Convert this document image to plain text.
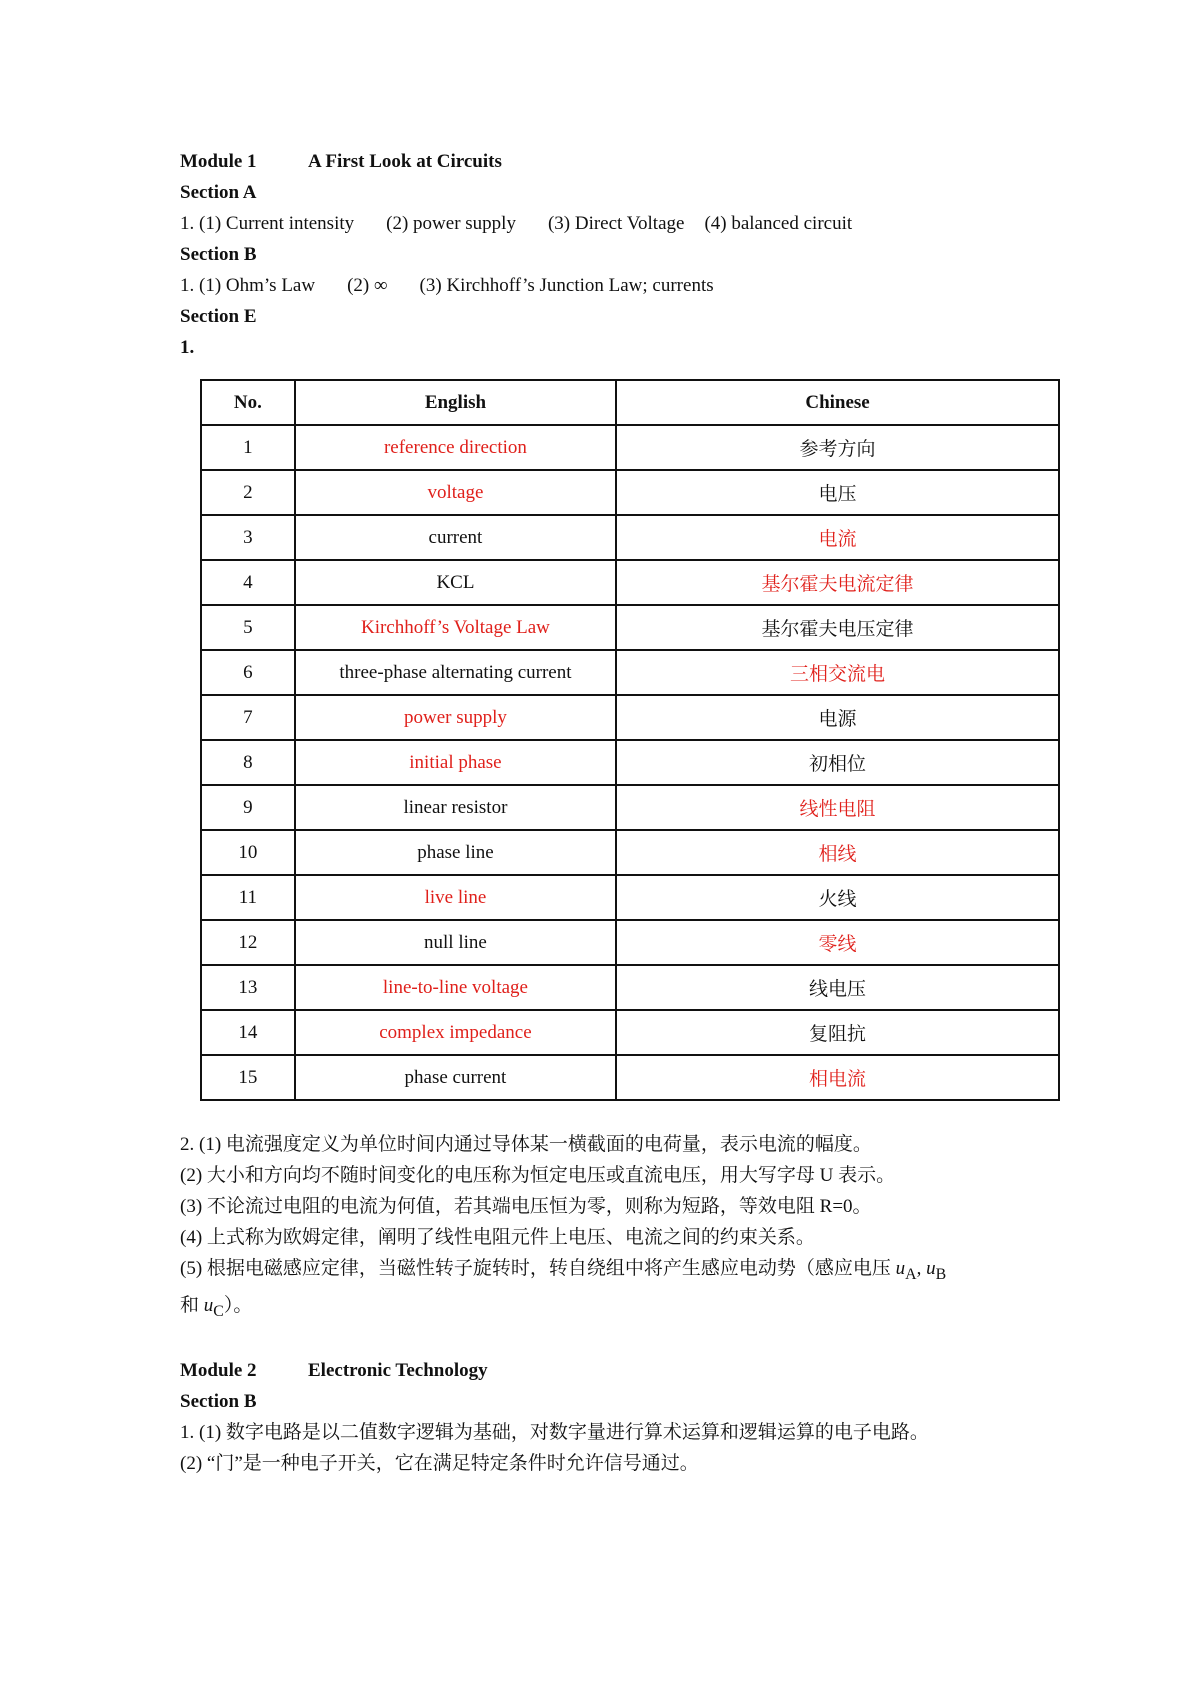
Module 1	A First Look at Circuits
Section A
1. (1) Current intensity (2) power supply (3) Direct Voltage (4) balanced circuit
Section B
1. (1) Ohm’s Law (2) ∞ (3) Kirchhoff’s Junction Law; currents
Section E
1.
No.	English	Chinese
1	reference direction	参考方向
2	voltage	电压
3	current	电流
4	KCL	基尔霍夫电流定律
5	Kirchhoff’s Voltage Law	基尔霍夫电压定律
6	three-phase alternating current	三相交流电
7	power supply	电源
8	initial phase	初相位
9	linear resistor	线性电阻
10	phase line	相线
11	live line	火线
12	null line	零线
13	line-to-line voltage	线电压
14	complex impedance	复阻抗
15	phase current	相电流
2. (1) 电流强度定义为单位时间内通过导体某一横截面的电荷量，表示电流的幅度。
(2) 大小和方向均不随时间变化的电压称为恒定电压或直流电压，用大写字母 U 表示。
(3) 不论流过电阻的电流为何值，若其端电压恒为零，则称为短路，等效电阻 R=0。
(4) 上式称为欧姆定律，阐明了线性电阻元件上电压、电流之间的约束关系。
(5) 根据电磁感应定律，当磁性转子旋转时，转自绕组中将产生感应电动势（感应电压 $u_A$, $u_B$
和 $u_C$）。
Module 2	Electronic Technology
Section B
1. (1) 数字电路是以二值数字逻辑为基础，对数字量进行算术运算和逻辑运算的电子电路。
(2) “门”是一种电子开关，它在满足特定条件时允许信号通过。
